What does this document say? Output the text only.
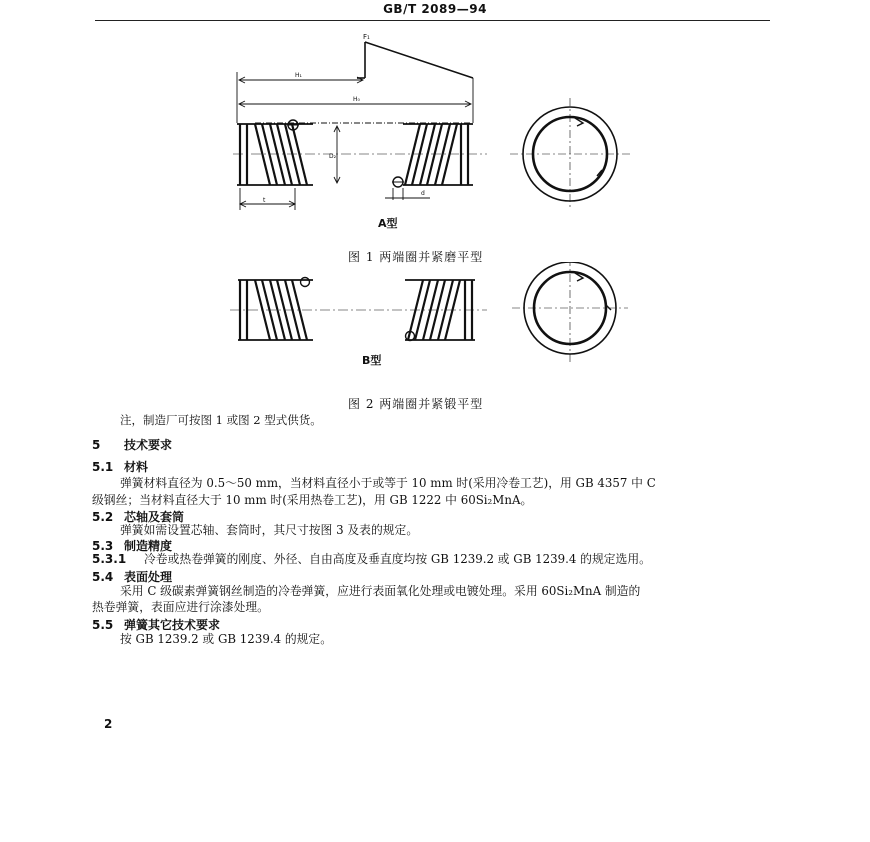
GB/T 2089—94
F₁
H₁
H₀
D₂
t
d
A型
图 1 两端圈并紧磨平型
B型
图 2 两端圈并紧锻平型
注，制造厂可按图 1 或图 2 型式供货。
5 技术要求
5.1 材料
弹簧材料直径为 0.5～50 mm，当材料直径小于或等于 10 mm 时(采用冷卷工艺)，用 GB 4357 中 C
级钢丝；当材料直径大于 10 mm 时(采用热卷工艺)，用 GB 1222 中 60Si₂MnA。
5.2 芯轴及套筒
弹簧如需设置芯轴、套筒时，其尺寸按图 3 及表的规定。
5.3 制造精度
5.3.1 冷卷或热卷弹簧的刚度、外径、自由高度及垂直度均按 GB 1239.2 或 GB 1239.4 的规定选用。
5.4 表面处理
采用 C 级碳素弹簧钢丝制造的冷卷弹簧，应进行表面氧化处理或电镀处理。采用 60Si₂MnA 制造的
热卷弹簧，表面应进行涂漆处理。
5.5 弹簧其它技术要求
按 GB 1239.2 或 GB 1239.4 的规定。
2
